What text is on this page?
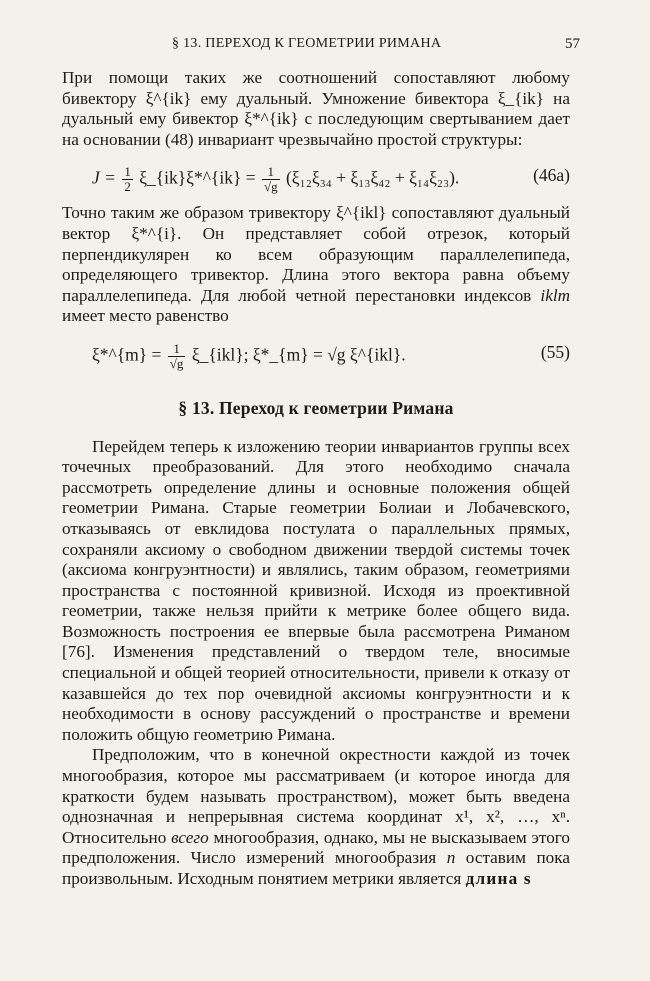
§ 13. ПЕРЕХОД К ГЕОМЕТРИИ РИМАНА	57

При помощи таких же соотношений сопоставляют любому бивектору ξ^{ik} ему дуальный. Умножение бивектора ξ_{ik} на дуальный ему бивектор ξ*^{ik} с последующим свертыванием дает на основании (48) инвариант чрезвычайно простой структуры:

$J = \frac{1}{2}$ ξ_{ik}ξ*^{ik} = $\frac{1}{√g} (\xi_{12}\xi_{34} + \xi_{13}\xi_{42} + \xi_{14}\xi_{23})$.	(46a)

Точно таким же образом тривектору ξ^{ikl} сопоставляют дуальный вектор ξ*^{i}. Он представляет собой отрезок, который перпендикулярен ко всем образующим параллелепипеда, определяющего тривектор. Длина этого вектора равна объему параллелепипеда. Для любой четной перестановки индексов iklm имеет место равенство

ξ*^{m} = $\frac{1}{√g}$ ξ_{ikl}; ξ*_{m} = √g ξ^{ikl}.	(55)
§ 13. Переход к геометрии Римана

Перейдем теперь к изложению теории инвариантов группы всех точечных преобразований. Для этого необходимо сначала рассмотреть определение длины и основные положения общей геометрии Римана. Старые геометрии Болиаи и Лобачевского, отказываясь от евклидова постулата о параллельных прямых, сохраняли аксиому о свободном движении твердой системы точек (аксиома конгруэнтности) и являлись, таким образом, геометриями пространства с постоянной кривизной. Исходя из проективной геометрии, также нельзя прийти к метрике более общего вида. Возможность построения ее впервые была рассмотрена Риманом [76]. Изменения представлений о твердом теле, вносимые специальной и общей теорией относительности, привели к отказу от казавшейся до тех пор очевидной аксиомы конгруэнтности и к необходимости в основу рассуждений о пространстве и времени положить общую геометрию Римана.

Предположим, что в конечной окрестности каждой из точек многообразия, которое мы рассматриваем (и которое иногда для краткости будем называть пространством), может быть введена однозначная и непрерывная система координат x¹, x², …, xⁿ. Относительно всего многообразия, однако, мы не высказываем этого предположения. Число измерений многообразия n оставим пока произвольным. Исходным понятием метрики является длина s
